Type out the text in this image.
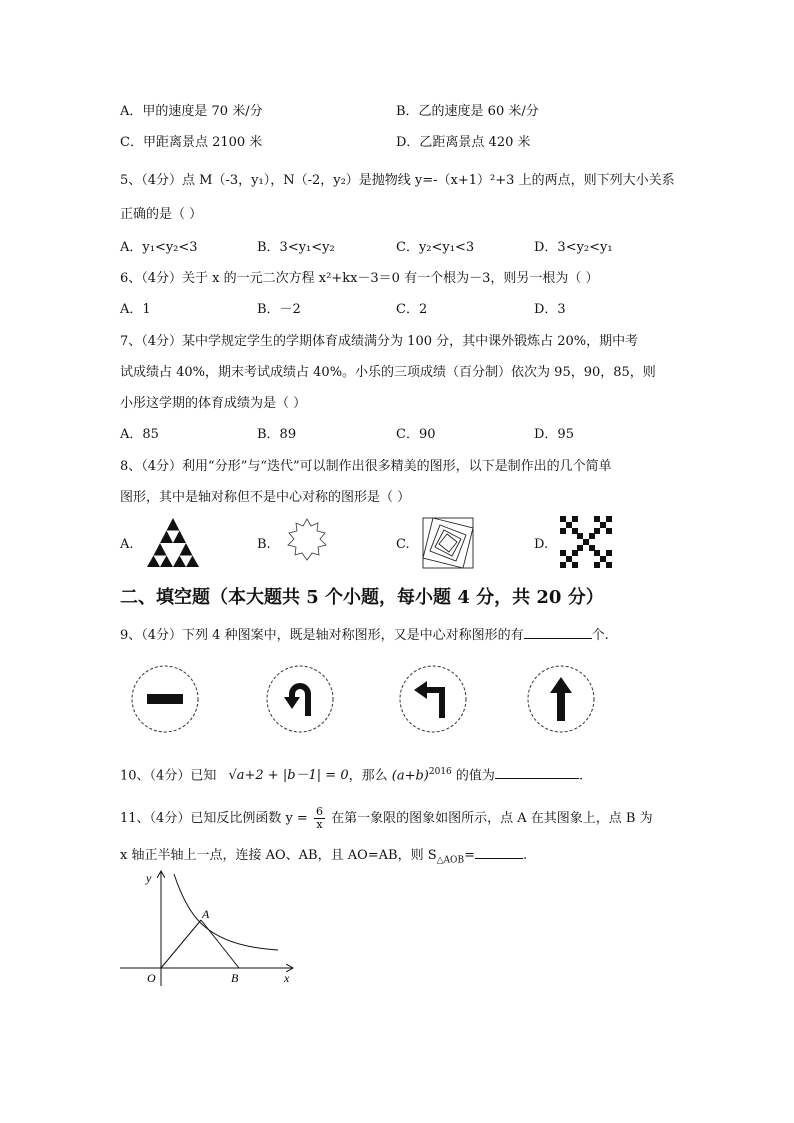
A．甲的速度是 70 米/分	B．乙的速度是 60 米/分
C．甲距离景点 2100 米	D．乙距离景点 420 米
5、（4分）点 M（-3，y₁），N（-2，y₂）是抛物线 y=-（x+1）²+3 上的两点，则下列大小关系
正确的是（ ）
A．y₁<y₂<3	B．3<y₁<y₂	C．y₂<y₁<3	D．3<y₂<y₁
6、（4分）关于 x 的一元二次方程 x²+kx－3＝0 有一个根为－3，则另一根为（ ）
A．1	B．－2	C．2	D．3
7、（4分）某中学规定学生的学期体育成绩满分为 100 分，其中课外锻炼占 20%，期中考
试成绩占 40%，期末考试成绩占 40%。小乐的三项成绩（百分制）依次为 95，90，85，则
小彤这学期的体育成绩为是（ ）
A．85	B．89	C．90	D．95
8、（4分）利用“分形”与“迭代”可以制作出很多精美的图形，以下是制作出的几个简单
图形，其中是轴对称但不是中心对称的图形是（ ）
A.	B.	C.	D.
二、填空题（本大题共 5 个小题，每小题 4 分，共 20 分）
9、（4分）下列 4 种图案中，既是轴对称图形，又是中心对称图形的有	个.
10、（4分）已知 √a+2 + |b－1| = 0，那么 $(a+b)^{2016}$ 的值为	.
11、（4分）已知反比例函数 $y = \frac{6}{x}$ 在第一象限的图象如图所示，点 A 在其图象上，点 B 为
x 轴正半轴上一点，连接 AO、AB，且 AO=AB，则 $S_{\triangle AOB}=$	.
y
x
O
A
B
